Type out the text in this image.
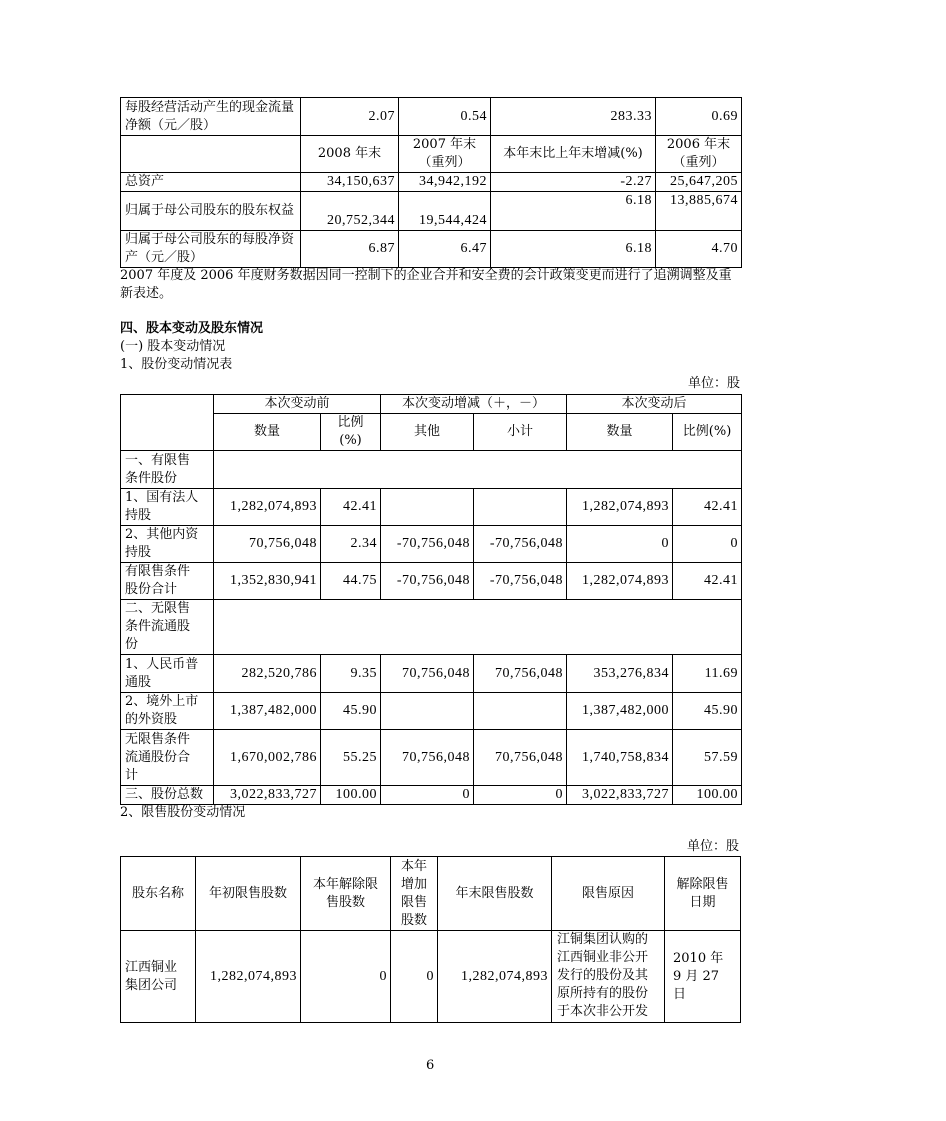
每股经营活动产生的现金流量净额（元／股）	2.07	0.54	283.33	0.69
	2008 年末	2007 年末（重列）	本年末比上年末增减(%)	2006 年末（重列）
总资产	34,150,637	34,942,192	-2.27	25,647,205
归属于母公司股东的股东权益	20,752,344	19,544,424	6.18	13,885,674
归属于母公司股东的每股净资产（元／股）	6.87	6.47	6.18	4.70
2007 年度及 2006 年度财务数据因同一控制下的企业合并和安全费的会计政策变更而进行了追溯调整及重新表述。
四、股本变动及股东情况
(一) 股本变动情况
1、股份变动情况表
单位：股
	本次变动前		本次变动增减（＋，－）		本次变动后	
	数量	比例(%)	其他	小计	数量	比例(%)
一、有限售条件股份						
1、国有法人持股	1,282,074,893	42.41			1,282,074,893	42.41
2、其他内资持股	70,756,048	2.34	-70,756,048	-70,756,048	0	0
有限售条件股份合计	1,352,830,941	44.75	-70,756,048	-70,756,048	1,282,074,893	42.41
二、无限售条件流通股份						
1、人民币普通股	282,520,786	9.35	70,756,048	70,756,048	353,276,834	11.69
2、境外上市的外资股	1,387,482,000	45.90			1,387,482,000	45.90
无限售条件流通股份合计	1,670,002,786	55.25	70,756,048	70,756,048	1,740,758,834	57.59
三、股份总数	3,022,833,727	100.00	0	0	3,022,833,727	100.00
2、限售股份变动情况
单位：股
股东名称	年初限售股数	本年解除限售股数	本年增加限售股数	年末限售股数	限售原因	解除限售日期
江西铜业集团公司	1,282,074,893	0	0	1,282,074,893	江铜集团认购的江西铜业非公开发行的股份及其原所持有的股份于本次非公开发	2010 年 9 月 27 日
6
